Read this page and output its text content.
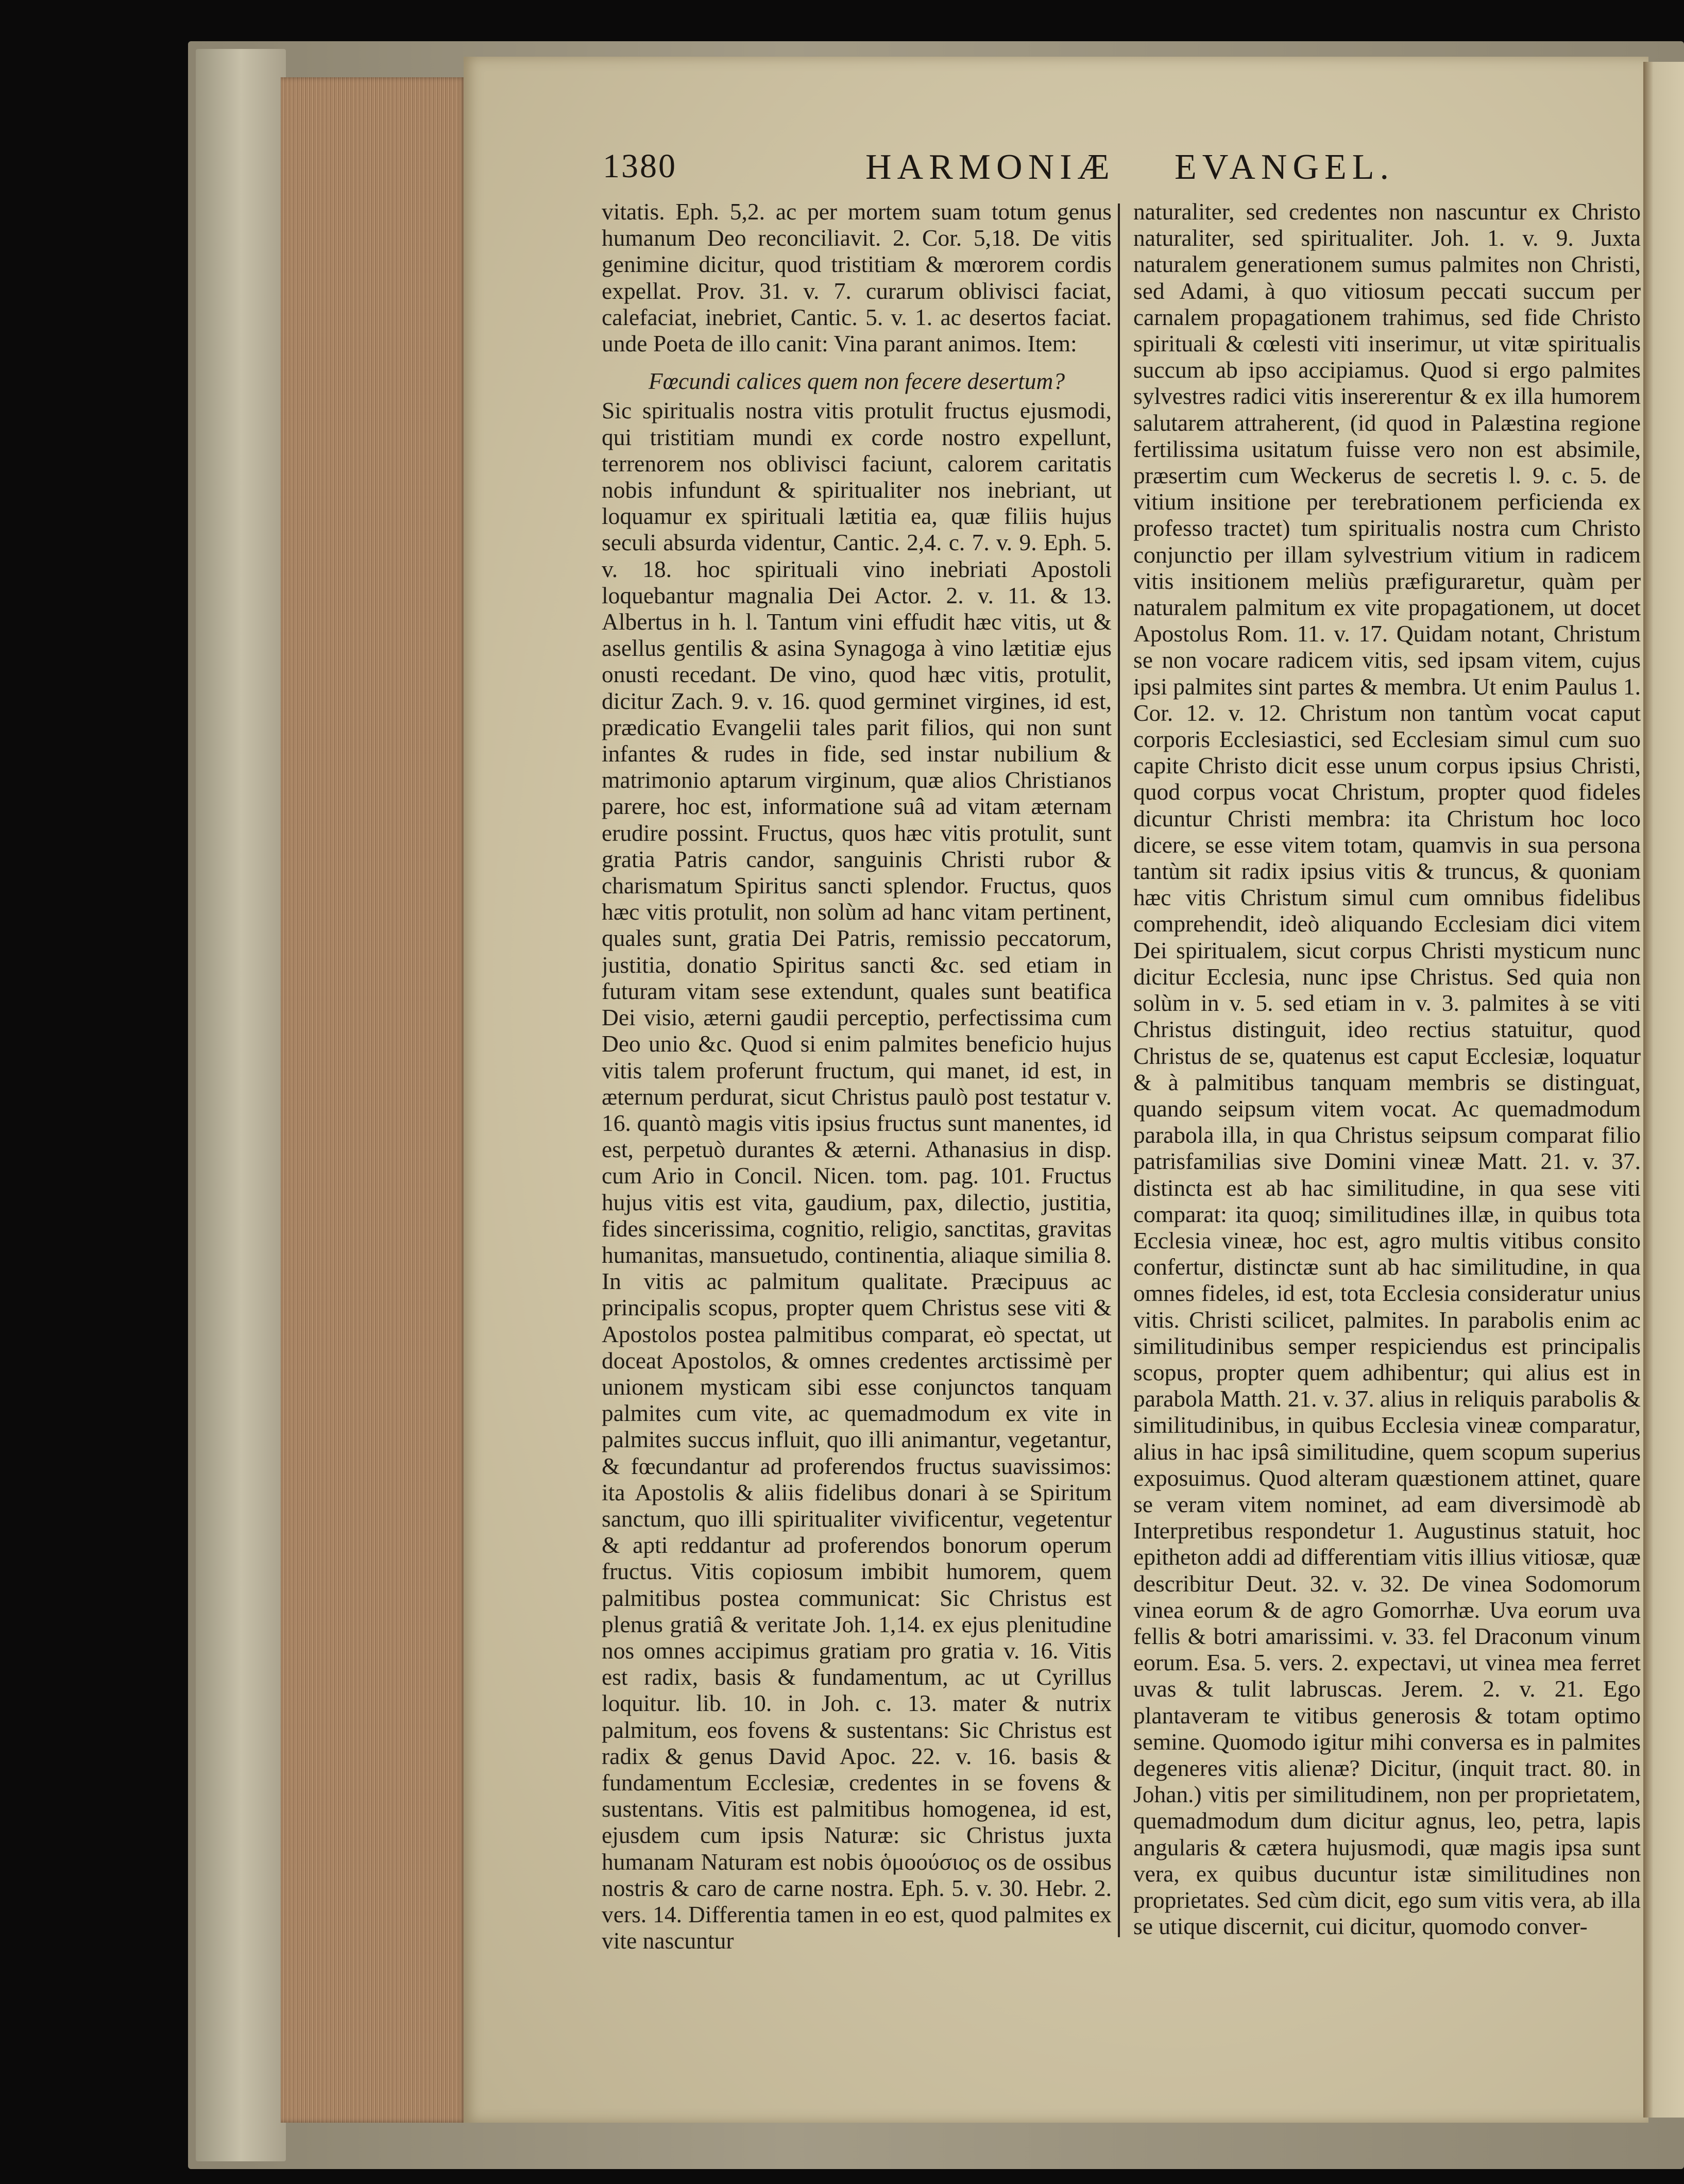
1380	HARMONIÆ EVANGEL.

vitatis. Eph. 5,2. ac per mortem suam totum genus humanum Deo reconciliavit. 2. Cor. 5,18. De vitis genimine dicitur, quod tristitiam & mœrorem cordis expellat. Prov. 31. v. 7. curarum oblivisci faciat, calefaciat, inebriet, Cantic. 5. v. 1. ac desertos faciat. unde Poeta de illo canit: Vina parant animos. Item:

Fœcundi calices quem non fecere desertum?

Sic spiritualis nostra vitis protulit fructus ejusmodi, qui tristitiam mundi ex corde nostro expellunt, terrenorem nos oblivisci faciunt, calorem caritatis nobis infundunt & spiritualiter nos inebriant, ut loquamur ex spirituali lætitia ea, quæ filiis hujus seculi absurda videntur, Cantic. 2,4. c. 7. v. 9. Eph. 5. v. 18. hoc spirituali vino inebriati Apostoli loquebantur magnalia Dei Actor. 2. v. 11. & 13. Albertus in h. l. Tantum vini effudit hæc vitis, ut & asellus gentilis & asina Synagoga à vino lætitiæ ejus onusti recedant. De vino, quod hæc vitis, protulit, dicitur Zach. 9. v. 16. quod germinet virgines, id est, prædicatio Evangelii tales parit filios, qui non sunt infantes & rudes in fide, sed instar nubilium & matrimonio aptarum virginum, quæ alios Christianos parere, hoc est, informatione suâ ad vitam æternam erudire possint. Fructus, quos hæc vitis protulit, sunt gratia Patris candor, sanguinis Christi rubor & charismatum Spiritus sancti splendor. Fructus, quos hæc vitis protulit, non solùm ad hanc vitam pertinent, quales sunt, gratia Dei Patris, remissio peccatorum, justitia, donatio Spiritus sancti &c. sed etiam in futuram vitam sese extendunt, quales sunt beatifica Dei visio, æterni gaudii perceptio, perfectissima cum Deo unio &c. Quod si enim palmites beneficio hujus vitis talem proferunt fructum, qui manet, id est, in æternum perdurat, sicut Christus paulò post testatur v. 16. quantò magis vitis ipsius fructus sunt manentes, id est, perpetuò durantes & æterni. Athanasius in disp. cum Ario in Concil. Nicen. tom. pag. 101. Fructus hujus vitis est vita, gaudium, pax, dilectio, justitia, fides sincerissima, cognitio, religio, sanctitas, gravitas humanitas, mansuetudo, continentia, aliaque similia 8. In vitis ac palmitum qualitate. Præcipuus ac principalis scopus, propter quem Christus sese viti & Apostolos postea palmitibus comparat, eò spectat, ut doceat Apostolos, & omnes credentes arctissimè per unionem mysticam sibi esse conjunctos tanquam palmites cum vite, ac quemadmodum ex vite in palmites succus influit, quo illi animantur, vegetantur, & fœcundantur ad proferendos fructus suavissimos: ita Apostolis & aliis fidelibus donari à se Spiritum sanctum, quo illi spiritualiter vivificentur, vegetentur & apti reddantur ad proferendos bonorum operum fructus. Vitis copiosum imbibit humorem, quem palmitibus postea communicat: Sic Christus est plenus gratiâ & veritate Joh. 1,14. ex ejus plenitudine nos omnes accipimus gratiam pro gratia v. 16. Vitis est radix, basis & fundamentum, ac ut Cyrillus loquitur. lib. 10. in Joh. c. 13. mater & nutrix palmitum, eos fovens & sustentans: Sic Christus est radix & genus David Apoc. 22. v. 16. basis & fundamentum Ecclesiæ, credentes in se fovens & sustentans. Vitis est palmitibus homogenea, id est, ejusdem cum ipsis Naturæ: sic Christus juxta humanam Naturam est nobis ὁμοούσιος os de ossibus nostris & caro de carne nostra. Eph. 5. v. 30. Hebr. 2. vers. 14. Differentia tamen in eo est, quod palmites ex vite nascuntur

naturaliter, sed credentes non nascuntur ex Christo naturaliter, sed spiritualiter. Joh. 1. v. 9. Juxta naturalem generationem sumus palmites non Christi, sed Adami, à quo vitiosum peccati succum per carnalem propagationem trahimus, sed fide Christo spirituali & cœlesti viti inserimur, ut vitæ spiritualis succum ab ipso accipiamus. Quod si ergo palmites sylvestres radici vitis insererentur & ex illa humorem salutarem attraherent, (id quod in Palæstina regione fertilissima usitatum fuisse vero non est absimile, præsertim cum Weckerus de secretis l. 9. c. 5. de vitium insitione per terebrationem perficienda ex professo tractet) tum spiritualis nostra cum Christo conjunctio per illam sylvestrium vitium in radicem vitis insitionem meliùs præfiguraretur, quàm per naturalem palmitum ex vite propagationem, ut docet Apostolus Rom. 11. v. 17. Quidam notant, Christum se non vocare radicem vitis, sed ipsam vitem, cujus ipsi palmites sint partes & membra. Ut enim Paulus 1. Cor. 12. v. 12. Christum non tantùm vocat caput corporis Ecclesiastici, sed Ecclesiam simul cum suo capite Christo dicit esse unum corpus ipsius Christi, quod corpus vocat Christum, propter quod fideles dicuntur Christi membra: ita Christum hoc loco dicere, se esse vitem totam, quamvis in sua persona tantùm sit radix ipsius vitis & truncus, & quoniam hæc vitis Christum simul cum omnibus fidelibus comprehendit, ideò aliquando Ecclesiam dici vitem Dei spiritualem, sicut corpus Christi mysticum nunc dicitur Ecclesia, nunc ipse Christus. Sed quia non solùm in v. 5. sed etiam in v. 3. palmites à se viti Christus distinguit, ideo rectius statuitur, quod Christus de se, quatenus est caput Ecclesiæ, loquatur & à palmitibus tanquam membris se distinguat, quando seipsum vitem vocat. Ac quemadmodum parabola illa, in qua Christus seipsum comparat filio patrisfamilias sive Domini vineæ Matt. 21. v. 37. distincta est ab hac similitudine, in qua sese viti comparat: ita quoq; similitudines illæ, in quibus tota Ecclesia vineæ, hoc est, agro multis vitibus consito confertur, distinctæ sunt ab hac similitudine, in qua omnes fideles, id est, tota Ecclesia consideratur unius vitis. Christi scilicet, palmites. In parabolis enim ac similitudinibus semper respiciendus est principalis scopus, propter quem adhibentur; qui alius est in parabola Matth. 21. v. 37. alius in reliquis parabolis & similitudinibus, in quibus Ecclesia vineæ comparatur, alius in hac ipsâ similitudine, quem scopum superius exposuimus. Quod alteram quæstionem attinet, quare se veram vitem nominet, ad eam diversimodè ab Interpretibus respondetur 1. Augustinus statuit, hoc epitheton addi ad differentiam vitis illius vitiosæ, quæ describitur Deut. 32. v. 32. De vinea Sodomorum vinea eorum & de agro Gomorrhæ. Uva eorum uva fellis & botri amarissimi. v. 33. fel Draconum vinum eorum. Esa. 5. vers. 2. expectavi, ut vinea mea ferret uvas & tulit labruscas. Jerem. 2. v. 21. Ego plantaveram te vitibus generosis & totam optimo semine. Quomodo igitur mihi conversa es in palmites degeneres vitis alienæ? Dicitur, (inquit tract. 80. in Johan.) vitis per similitudinem, non per proprietatem, quemadmodum dum dicitur agnus, leo, petra, lapis angularis & cætera hujusmodi, quæ magis ipsa sunt vera, ex quibus ducuntur istæ similitudines non proprietates. Sed cùm dicit, ego sum vitis vera, ab illa se utique discernit, cui dicitur, quomodo conver-
